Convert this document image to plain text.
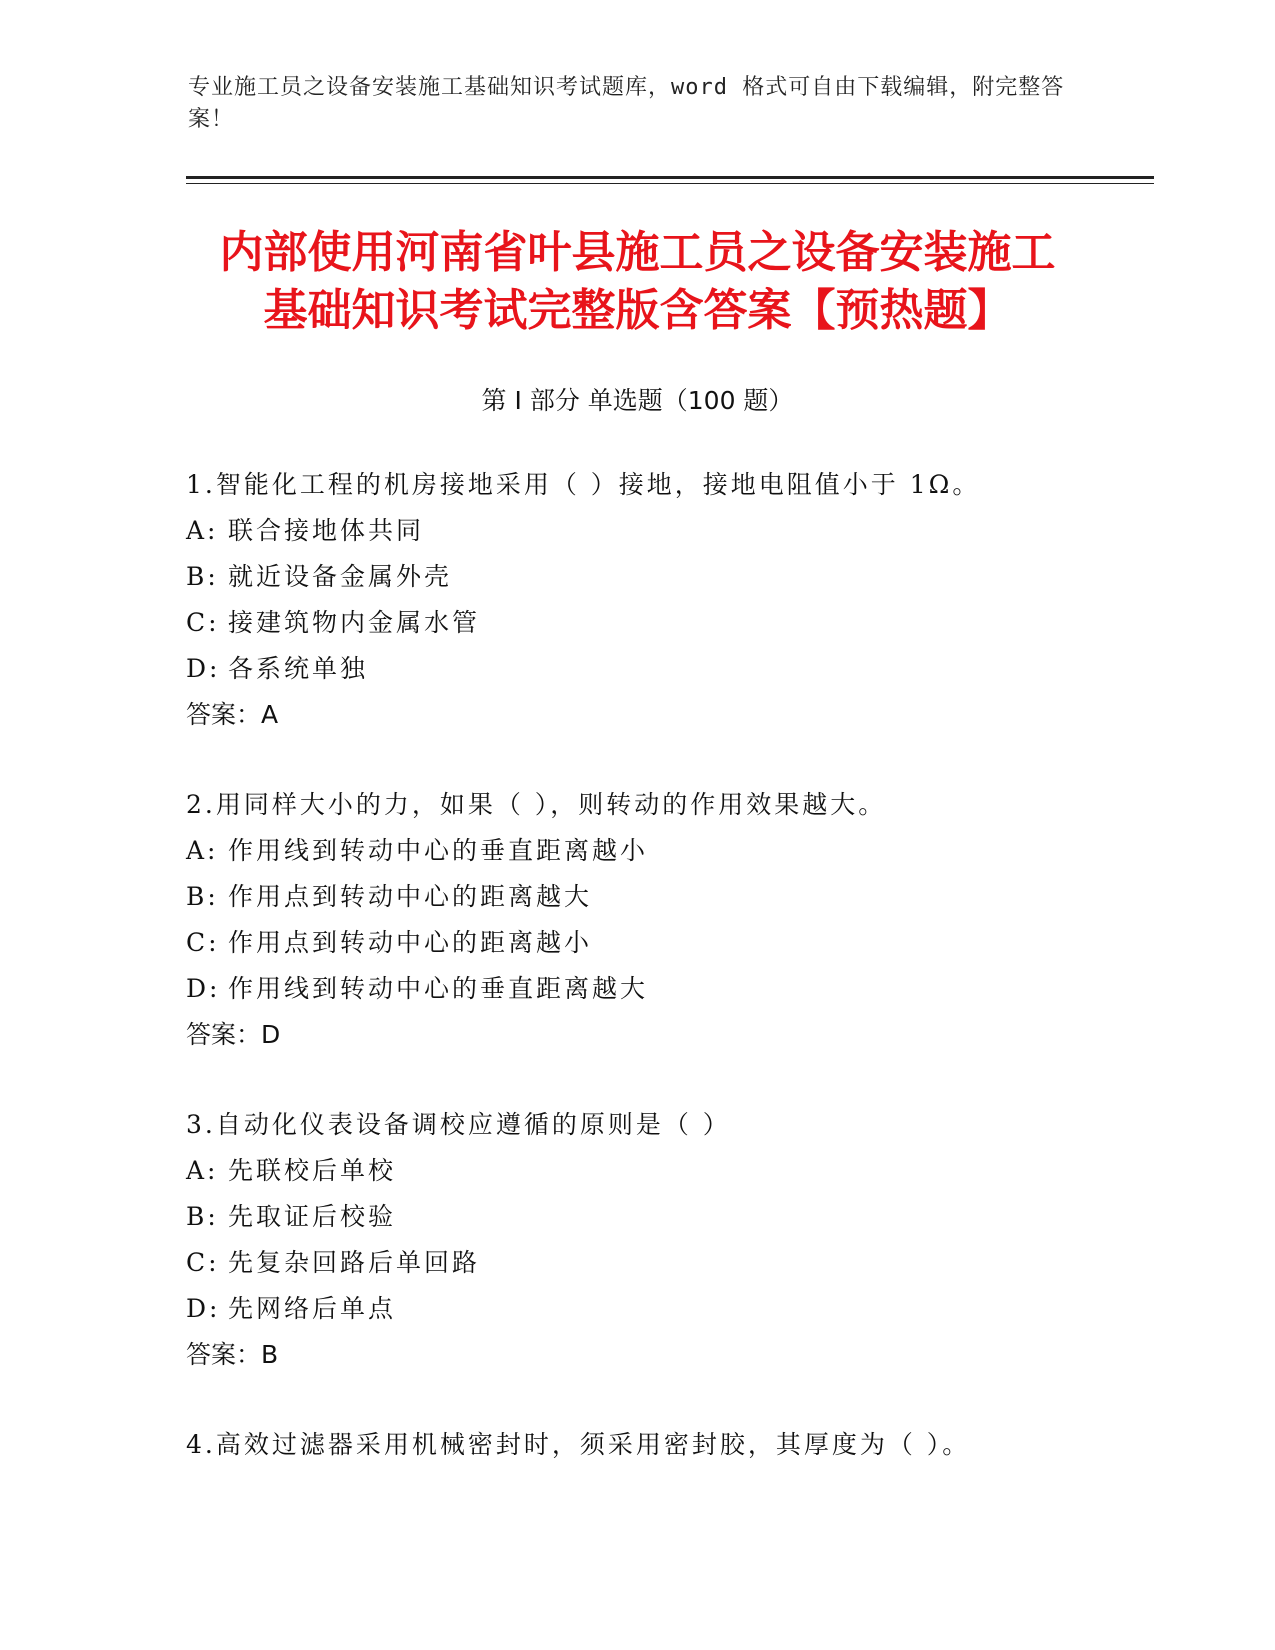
专业施工员之设备安装施工基础知识考试题库，word 格式可自由下载编辑，附完整答案！
内部使用河南省叶县施工员之设备安装施工
基础知识考试完整版含答案【预热题】
第 I 部分 单选题（100 题）
1.智能化工程的机房接地采用（ ）接地，接地电阻值小于 1Ω。
A: 联合接地体共同
B: 就近设备金属外壳
C: 接建筑物内金属水管
D: 各系统单独
答案：A
2.用同样大小的力，如果（ ），则转动的作用效果越大。
A: 作用线到转动中心的垂直距离越小
B: 作用点到转动中心的距离越大
C: 作用点到转动中心的距离越小
D: 作用线到转动中心的垂直距离越大
答案：D
3.自动化仪表设备调校应遵循的原则是（ ）
A: 先联校后单校
B: 先取证后校验
C: 先复杂回路后单回路
D: 先网络后单点
答案：B
4.高效过滤器采用机械密封时，须采用密封胶，其厚度为（ ）。
